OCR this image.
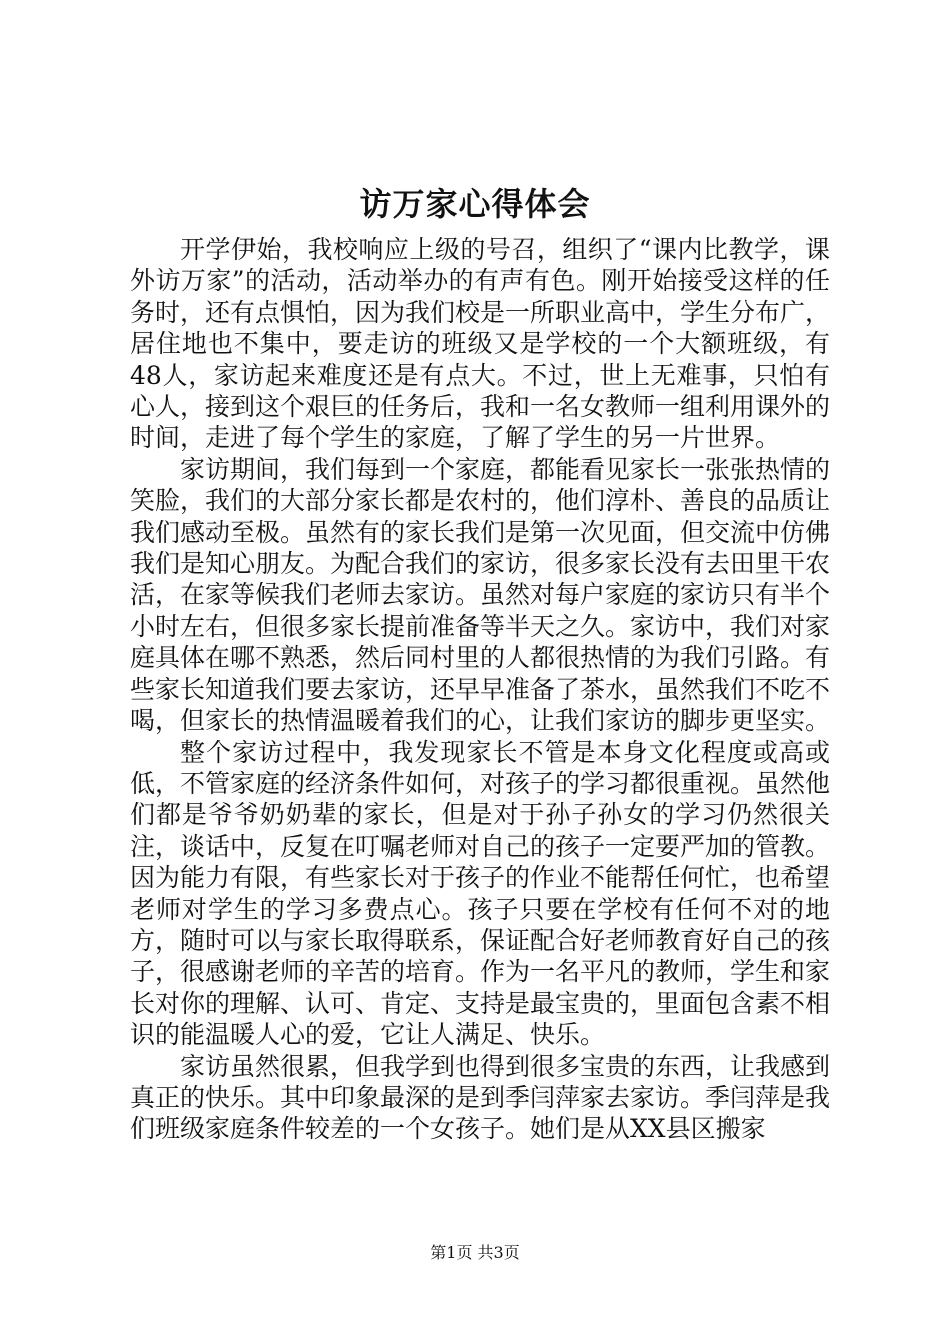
访万家心得体会

开学伊始，我校响应上级的号召，组织了“课内比教学，课外访万家”的活动，活动举办的有声有色。刚开始接受这样的任务时，还有点惧怕，因为我们校是一所职业高中，学生分布广，居住地也不集中，要走访的班级又是学校的一个大额班级，有48人，家访起来难度还是有点大。不过，世上无难事，只怕有心人，接到这个艰巨的任务后，我和一名女教师一组利用课外的时间，走进了每个学生的家庭，了解了学生的另一片世界。

家访期间，我们每到一个家庭，都能看见家长一张张热情的笑脸，我们的大部分家长都是农村的，他们淳朴、善良的品质让我们感动至极。虽然有的家长我们是第一次见面，但交流中仿佛我们是知心朋友。为配合我们的家访，很多家长没有去田里干农活，在家等候我们老师去家访。虽然对每户家庭的家访只有半个小时左右，但很多家长提前准备等半天之久。家访中，我们对家庭具体在哪不熟悉，然后同村里的人都很热情的为我们引路。有些家长知道我们要去家访，还早早准备了茶水，虽然我们不吃不喝，但家长的热情温暖着我们的心，让我们家访的脚步更坚实。

整个家访过程中，我发现家长不管是本身文化程度或高或低，不管家庭的经济条件如何，对孩子的学习都很重视。虽然他们都是爷爷奶奶辈的家长，但是对于孙子孙女的学习仍然很关注，谈话中，反复在叮嘱老师对自己的孩子一定要严加的管教。因为能力有限，有些家长对于孩子的作业不能帮任何忙，也希望老师对学生的学习多费点心。孩子只要在学校有任何不对的地方，随时可以与家长取得联系，保证配合好老师教育好自己的孩子，很感谢老师的辛苦的培育。作为一名平凡的教师，学生和家长对你的理解、认可、肯定、支持是最宝贵的，里面包含素不相识的能温暖人心的爱，它让人满足、快乐。

家访虽然很累，但我学到也得到很多宝贵的东西，让我感到真正的快乐。其中印象最深的是到季闫萍家去家访。季闫萍是我们班级家庭条件较差的一个女孩子。她们是从XX县区搬家

第1页 共3页
